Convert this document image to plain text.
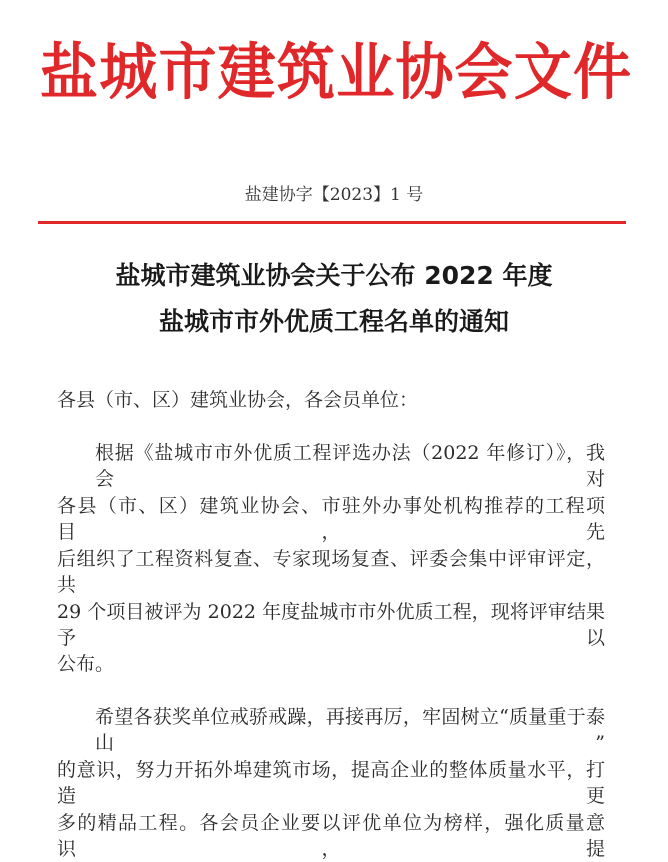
盐城市建筑业协会文件
盐建协字【2023】1 号
盐城市建筑业协会关于公布 2022 年度
盐城市市外优质工程名单的通知
各县（市、区）建筑业协会，各会员单位：
根据《盐城市市外优质工程评选办法（2022 年修订）》，我会对
各县（市、区）建筑业协会、市驻外办事处机构推荐的工程项目，先
后组织了工程资料复查、专家现场复查、评委会集中评审评定，共
29 个项目被评为 2022 年度盐城市市外优质工程，现将评审结果予以
公布。
希望各获奖单位戒骄戒躁，再接再厉，牢固树立“质量重于泰山”
的意识，努力开拓外埠建筑市场，提高企业的整体质量水平，打造更
多的精品工程。各会员企业要以评优单位为榜样，强化质量意识，提
